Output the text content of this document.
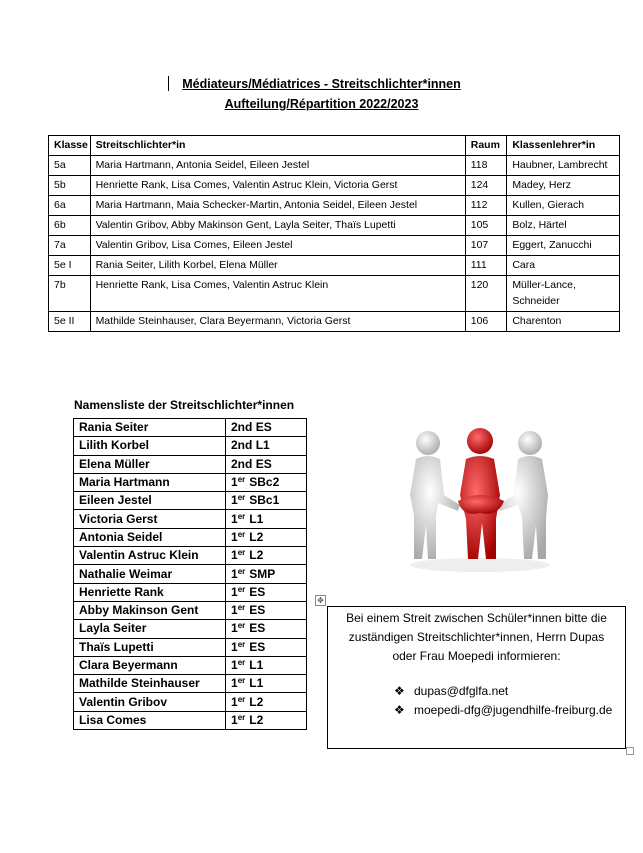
Médiateurs/Médiatrices - Streitschlichter*innen
Aufteilung/Répartition 2022/2023
Klasse	Streitschlichter*in	Raum	Klassenlehrer*in
5a	Maria Hartmann, Antonia Seidel, Eileen Jestel	118	Haubner, Lambrecht
5b	Henriette Rank, Lisa Comes, Valentin Astruc Klein, Victoria Gerst	124	Madey, Herz
6a	Maria Hartmann, Maia Schecker-Martin, Antonia Seidel, Eileen Jestel	112	Kullen, Gierach
6b	Valentin Gribov, Abby Makinson Gent, Layla Seiter, Thaïs Lupetti	105	Bolz, Härtel
7a	Valentin Gribov, Lisa Comes, Eileen Jestel	107	Eggert, Zanucchi
5e I	Rania Seiter, Lilith Korbel, Elena Müller	111	Cara
7b	Henriette Rank, Lisa Comes, Valentin Astruc Klein	120	Müller-Lance, Schneider
5e II	Mathilde Steinhauser, Clara Beyermann, Victoria Gerst	106	Charenton
Namensliste der Streitschlichter*innen
Rania Seiter	2nd ES
Lilith Korbel	2nd L1
Elena Müller	2nd ES
Maria Hartmann	1er SBc2
Eileen Jestel	1er SBc1
Victoria Gerst	1er L1
Antonia Seidel	1er L2
Valentin Astruc Klein	1er L2
Nathalie Weimar	1er SMP
Henriette Rank	1er ES
Abby Makinson Gent	1er ES
Layla Seiter	1er ES
Thaïs Lupetti	1er ES
Clara Beyermann	1er L1
Mathilde Steinhauser	1er L1
Valentin Gribov	1er L2
Lisa Comes	1er L2
✥
Bei einem Streit zwischen Schüler*innen bitte die zuständigen Streitschlichter*innen, Herrn Dupas oder Frau Moepedi informieren:
❖ dupas@dfglfa.net
❖ moepedi-dfg@jugendhilfe-freiburg.de
